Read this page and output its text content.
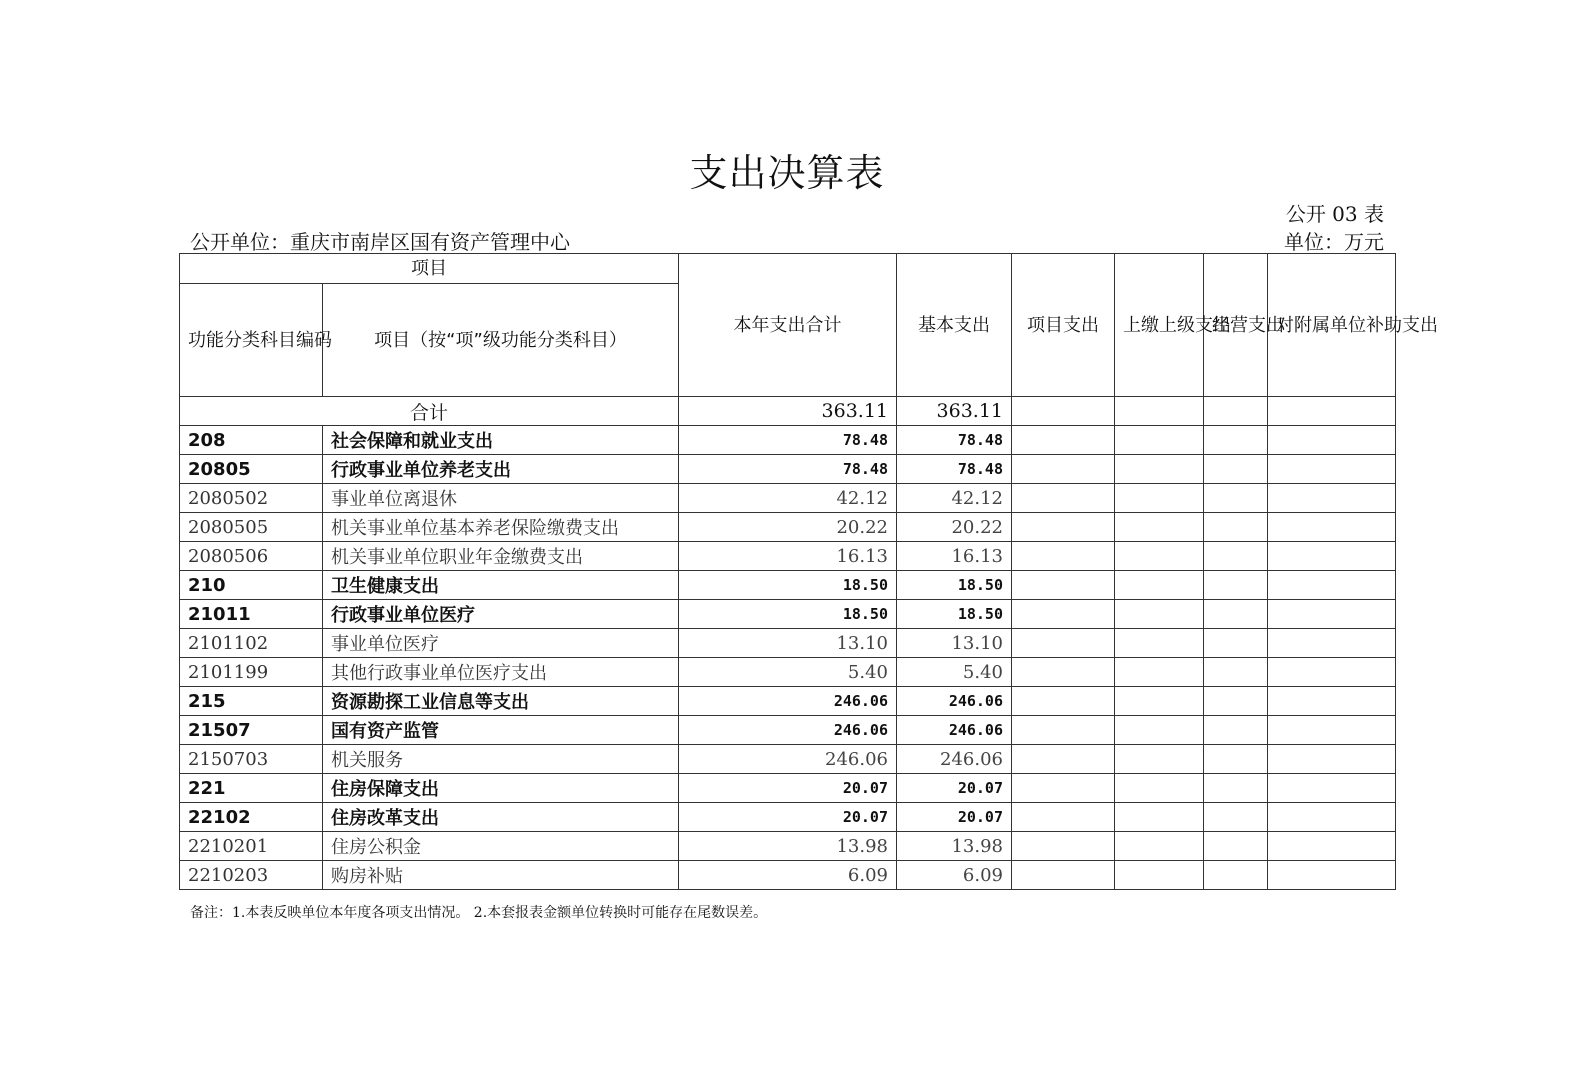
支出决算表
公开 03 表
公开单位：重庆市南岸区国有资产管理中心	单位：万元
项目		本年支出合计	基本支出	项目支出	上缴上级支出	经营支出	对附属单位补助支出
功能分类科目编码	项目（按“项”级功能分类科目）						
合计		363.11	363.11				
208	社会保障和就业支出	78.48	78.48				
20805	行政事业单位养老支出	78.48	78.48				
2080502	事业单位离退休	42.12	42.12				
2080505	机关事业单位基本养老保险缴费支出	20.22	20.22				
2080506	机关事业单位职业年金缴费支出	16.13	16.13				
210	卫生健康支出	18.50	18.50				
21011	行政事业单位医疗	18.50	18.50				
2101102	事业单位医疗	13.10	13.10				
2101199	其他行政事业单位医疗支出	5.40	5.40				
215	资源勘探工业信息等支出	246.06	246.06				
21507	国有资产监管	246.06	246.06				
2150703	机关服务	246.06	246.06				
221	住房保障支出	20.07	20.07				
22102	住房改革支出	20.07	20.07				
2210201	住房公积金	13.98	13.98				
2210203	购房补贴	6.09	6.09				
备注：1.本表反映单位本年度各项支出情况。 2.本套报表金额单位转换时可能存在尾数误差。
